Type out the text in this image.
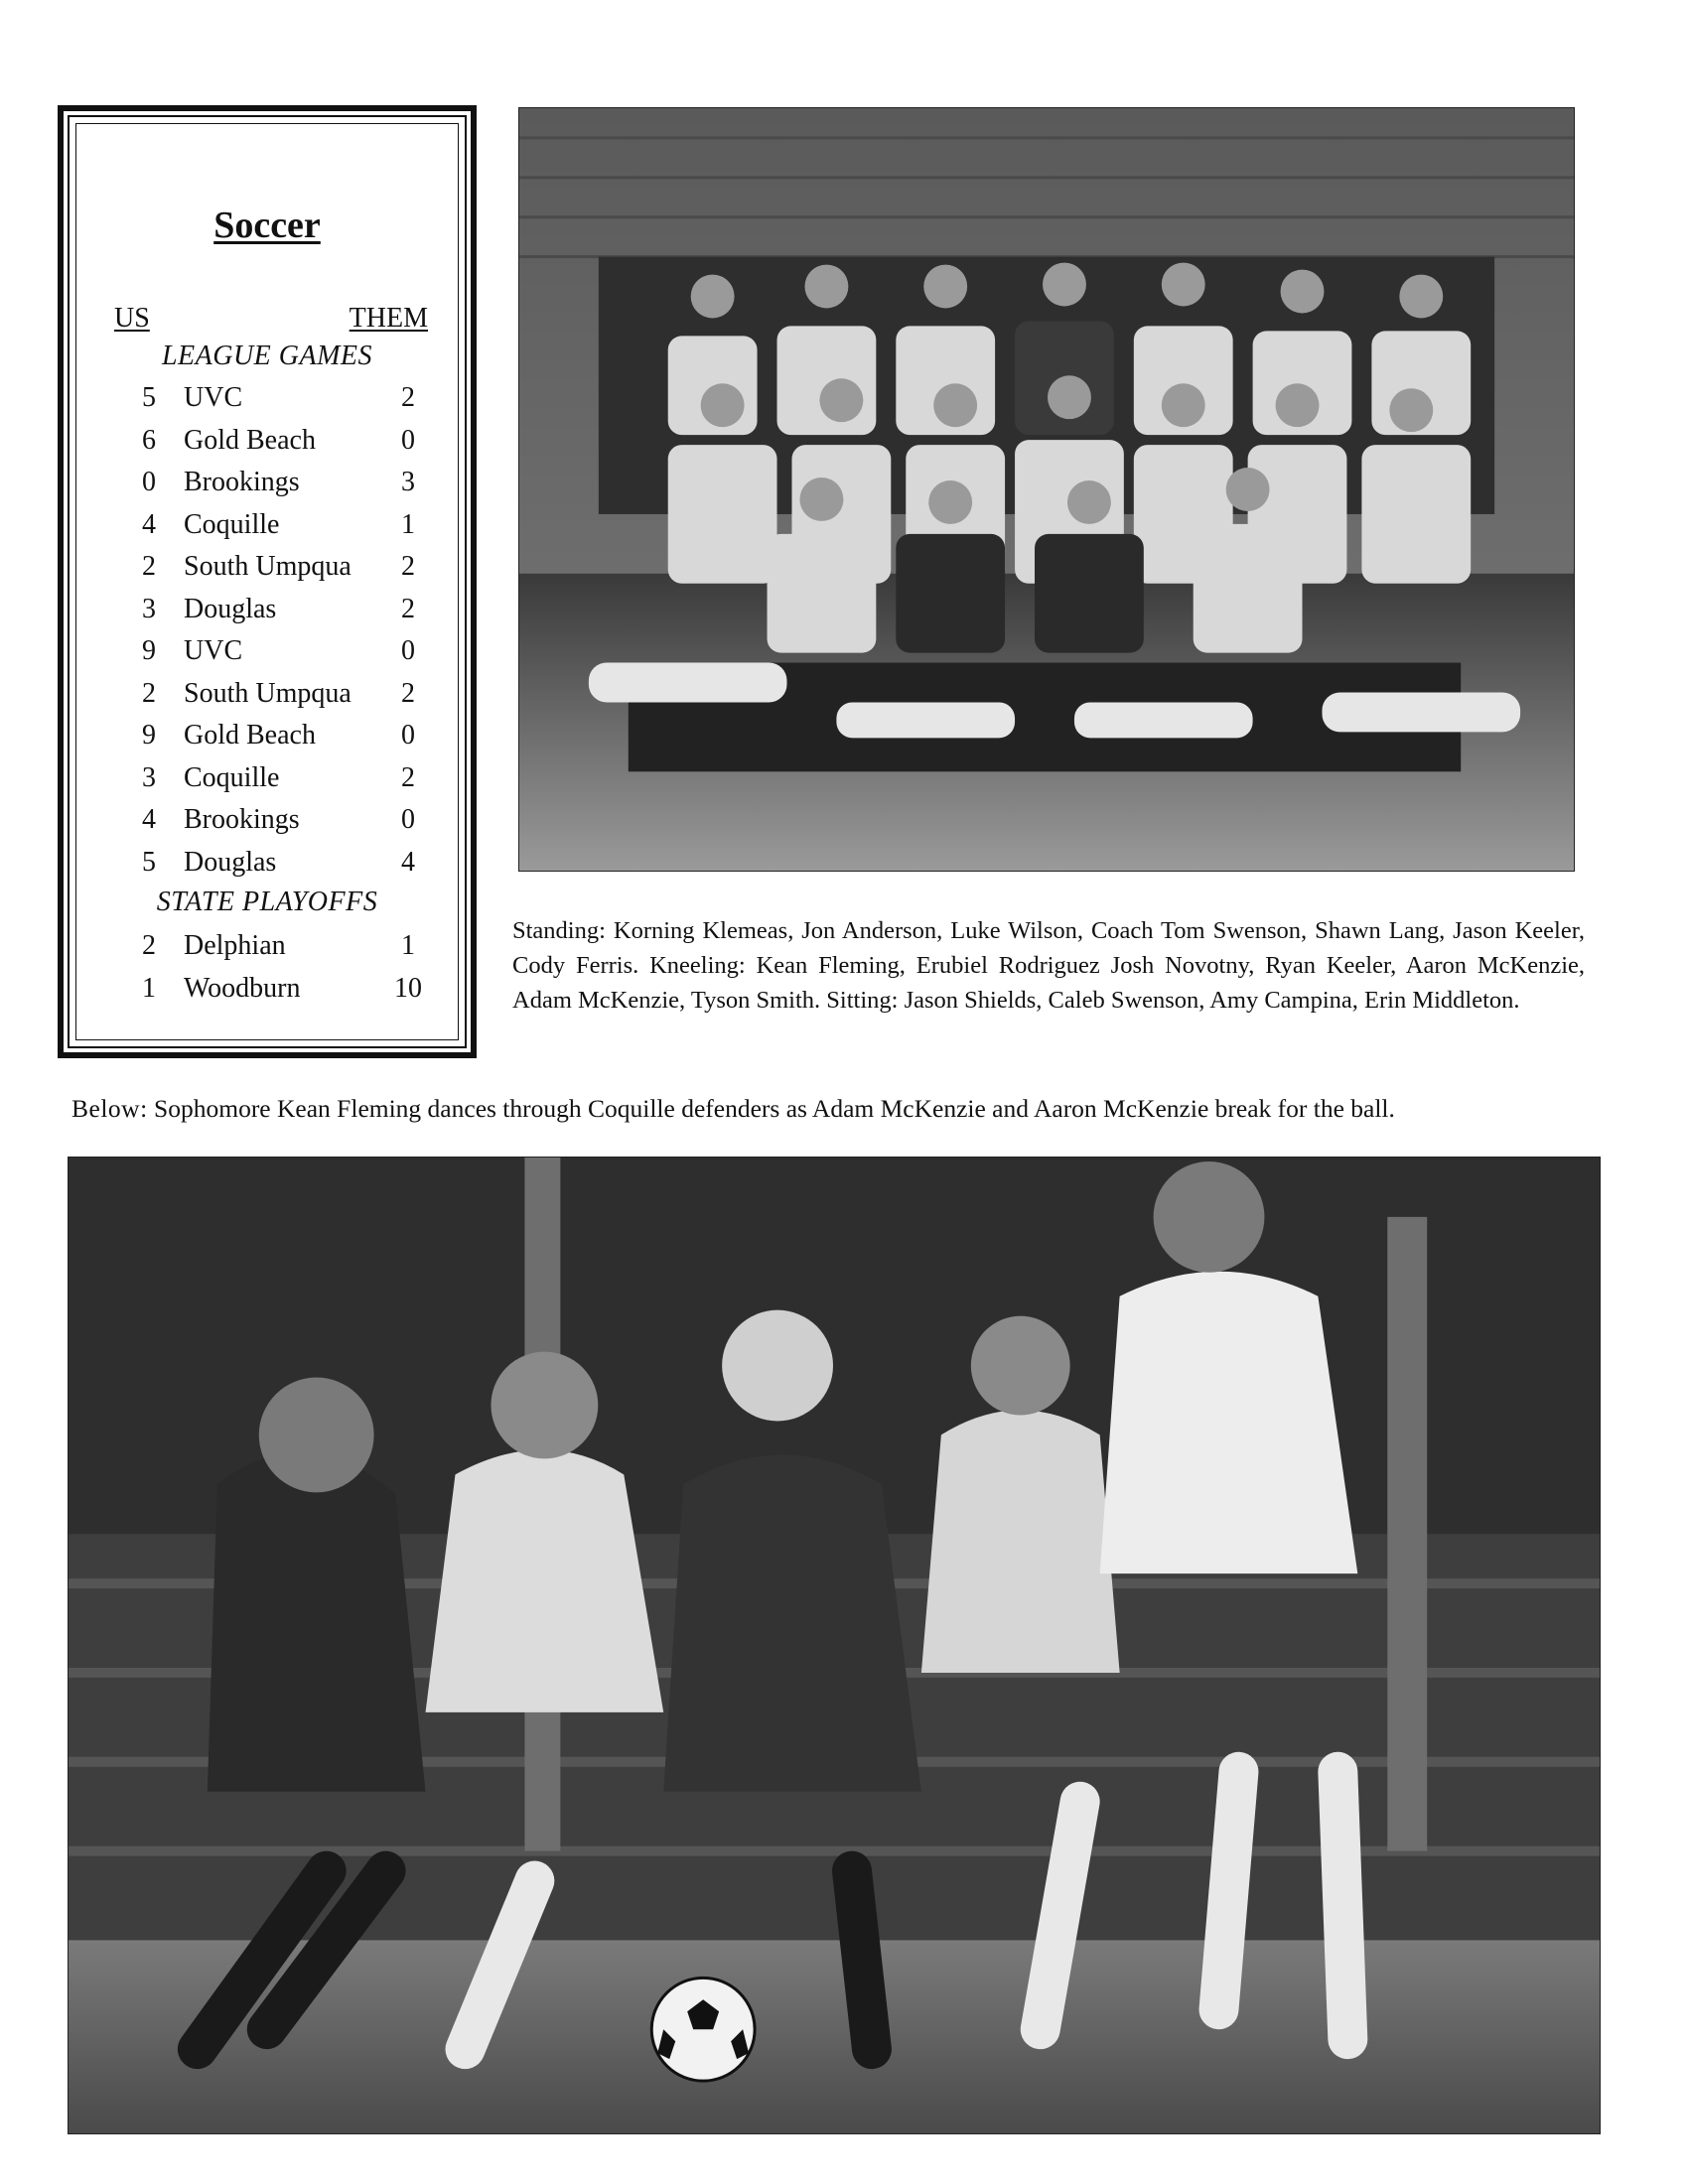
Soccer
US	THEM
LEAGUE GAMES
5 UVC	2
6 Gold Beach	0
0 Brookings	3
4 Coquille	1
2 South Umpqua	2
3 Douglas	2
9 UVC	0
2 South Umpqua	2
9 Gold Beach	0
3 Coquille	2
4 Brookings	0
5 Douglas	4
STATE PLAYOFFS
2 Delphian	1
1 Woodburn	10
Standing: Korning Klemeas, Jon Anderson, Luke Wilson, Coach Tom Swenson, Shawn Lang, Jason Keeler, Cody Ferris. Kneeling: Kean Fleming, Erubiel Rodriguez Josh Novotny, Ryan Keeler, Aaron McKenzie, Adam McKenzie, Tyson Smith. Sitting: Jason Shields, Caleb Swenson, Amy Campina, Erin Middleton.
Below: Sophomore Kean Fleming dances through Coquille defenders as Adam McKenzie and Aaron McKenzie break for the ball.
